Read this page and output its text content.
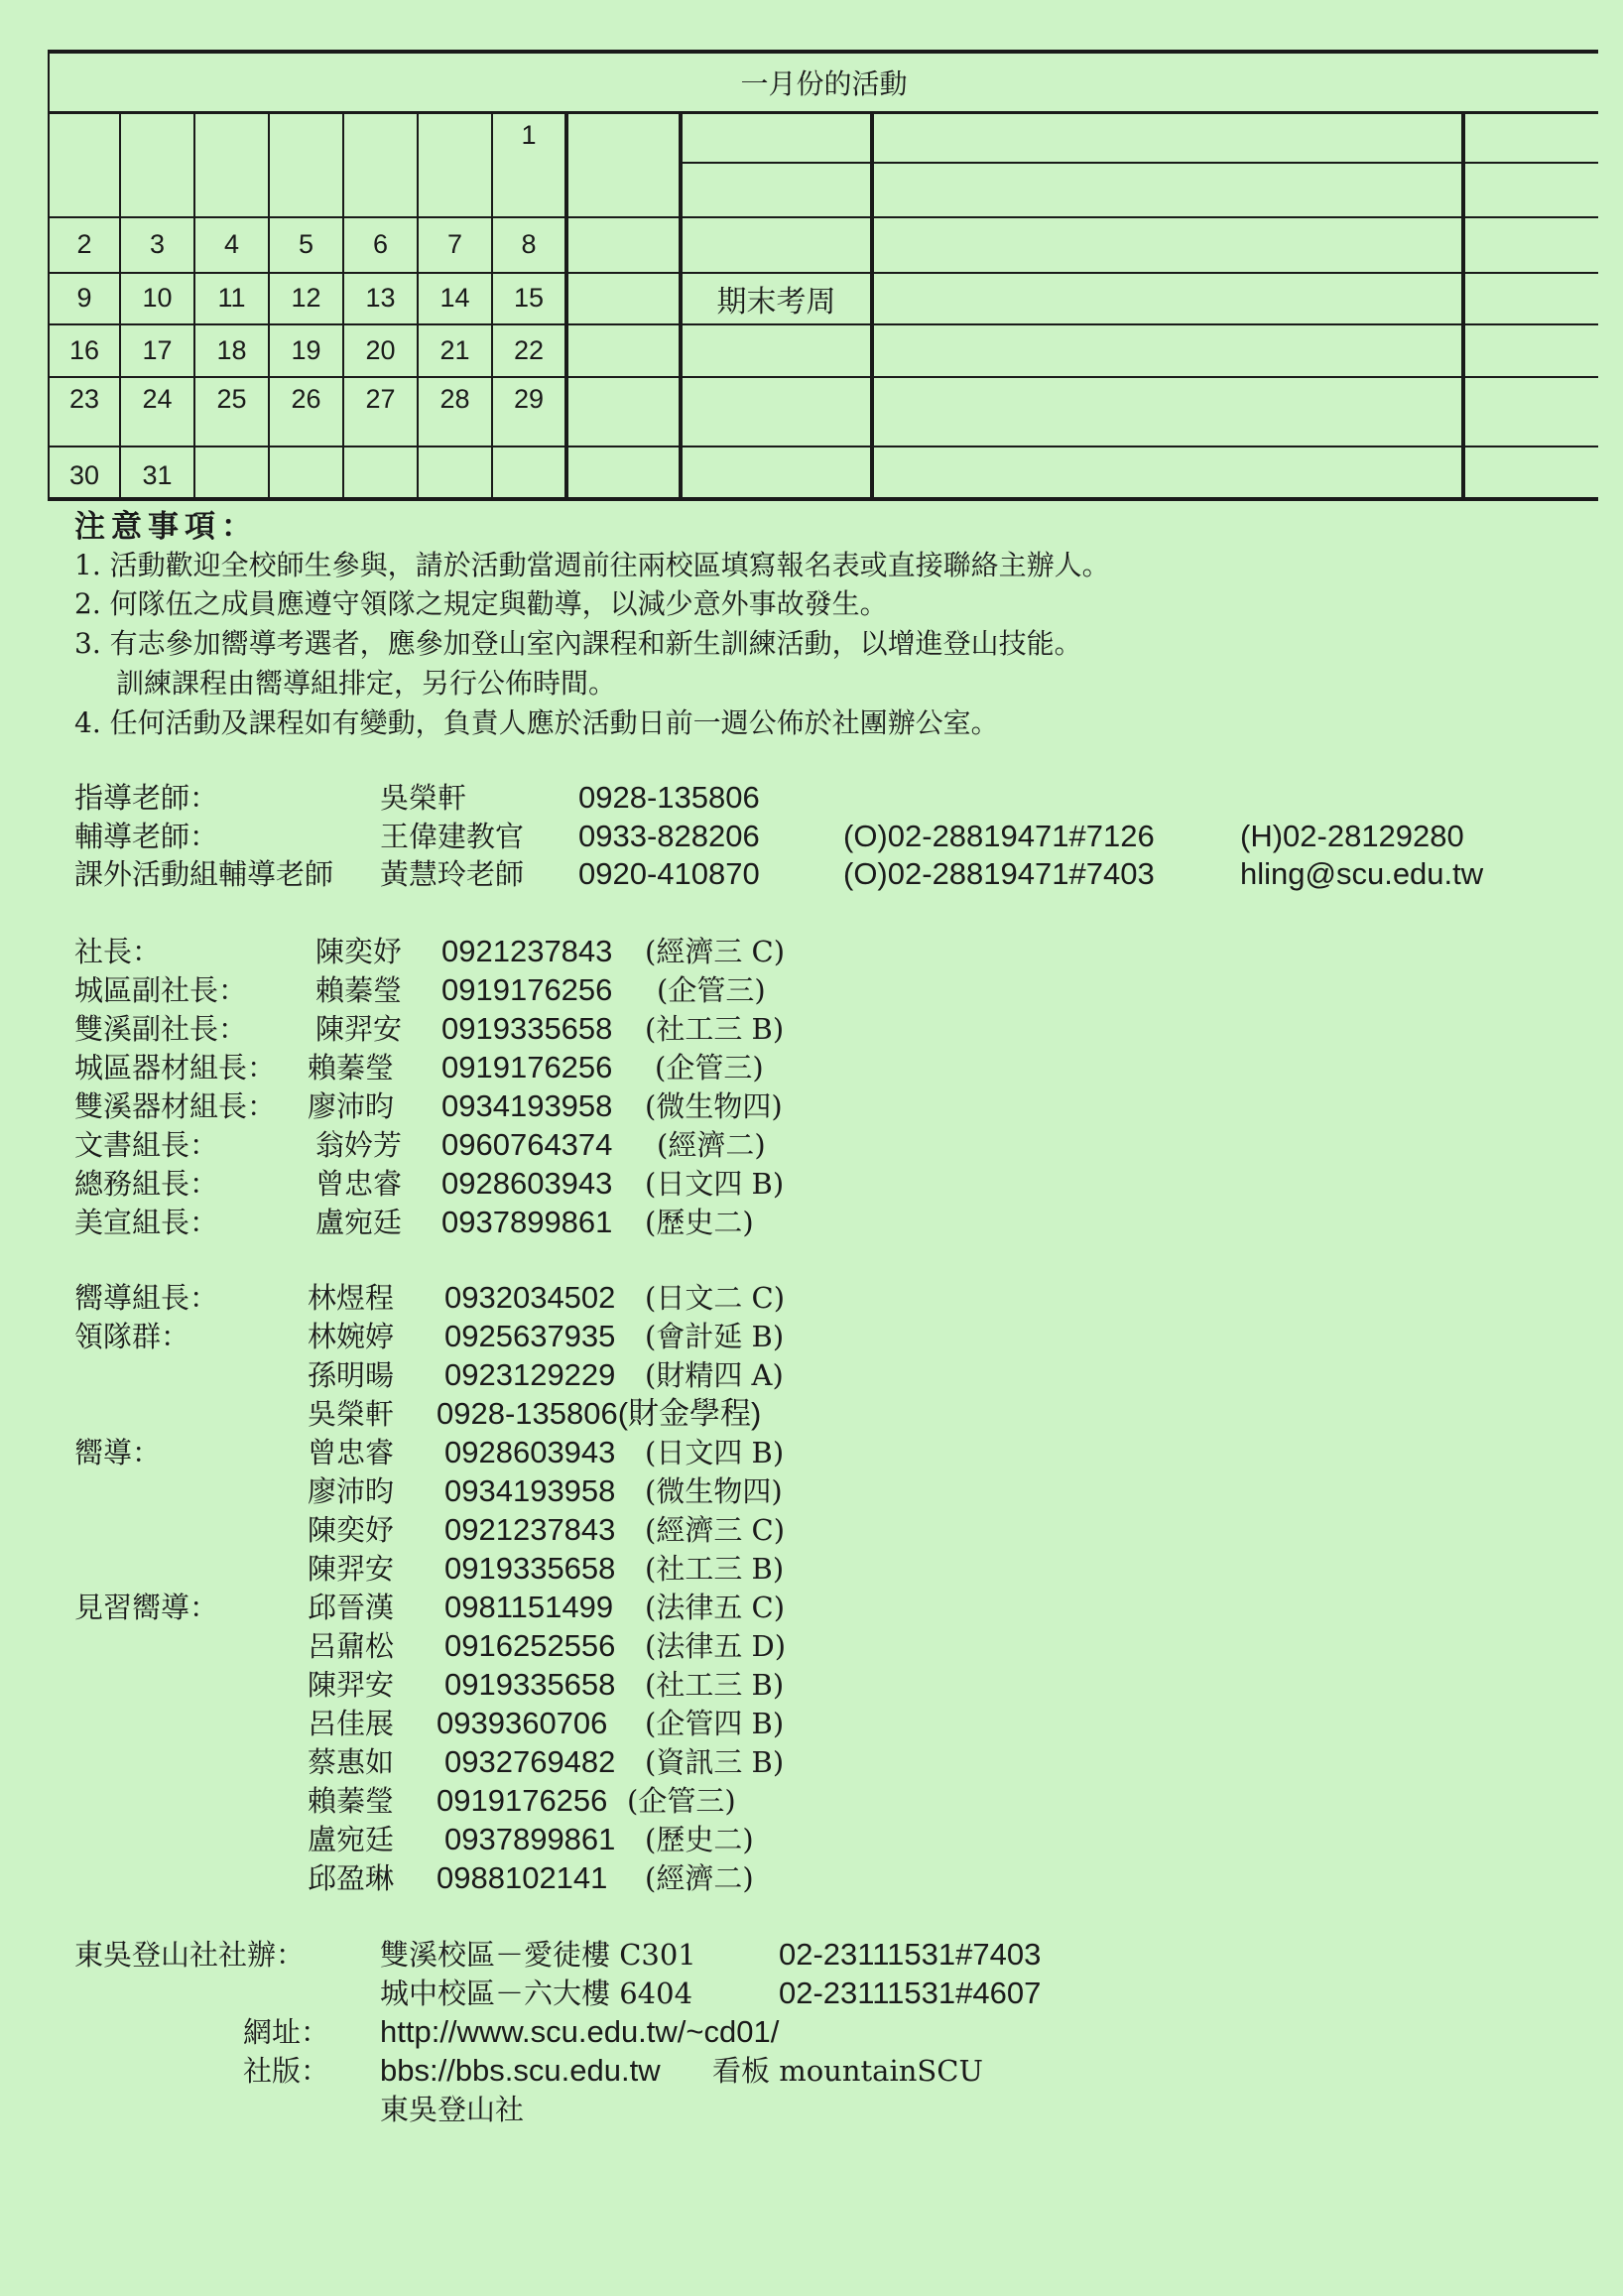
一月份的活動										
						1				

2	3	4	5	6	7	8				
9	10	11	12	13	14	15		期末考周		
16	17	18	19	20	21	22				
23	24	25	26	27	28	29				
30	31									
注意事項：
1. 活動歡迎全校師生參與，請於活動當週前往兩校區填寫報名表或直接聯絡主辦人。
2. 何隊伍之成員應遵守領隊之規定與勸導，以減少意外事故發生。
3. 有志參加嚮導考選者，應參加登山室內課程和新生訓練活動，以增進登山技能。
訓練課程由嚮導組排定，另行公佈時間。
4. 任何活動及課程如有變動，負責人應於活動日前一週公佈於社團辦公室。
指導老師：	吳榮軒	0928-135806
輔導老師：	王偉建教官 0933-828206	(O)02-28819471#7126	(H)02-28129280
課外活動組輔導老師 黃慧玲老師 0920-410870	(O)02-28819471#7403	hling@scu.edu.tw
社長：	陳奕妤 0921237843 (經濟三 C)
城區副社長： 賴蓁瑩 0919176256 (企管三)
雙溪副社長： 陳羿安 0919335658 (社工三 B)
城區器材組長： 賴蓁瑩 0919176256 (企管三)
雙溪器材組長： 廖沛昀 0934193958 (微生物四)
文書組長：	翁妗芳 0960764374 (經濟二)
總務組長：	曾忠睿 0928603943 (日文四 B)
美宣組長：	盧宛廷 0937899861 (歷史二)
嚮導組長：	林煜程 0932034502 (日文二 C)
領隊群：	林婉婷 0925637935 (會計延 B)
孫明暘 0923129229 (財精四 A)
吳榮軒 0928-135806(財金學程)
嚮導：	曾忠睿 0928603943 (日文四 B)
廖沛昀 0934193958 (微生物四)
陳奕妤 0921237843 (經濟三 C)
陳羿安 0919335658 (社工三 B)
見習嚮導：	邱晉漢 0981151499 (法律五 C)
呂鼐松 0916252556 (法律五 D)
陳羿安 0919335658 (社工三 B)
呂佳展 0939360706 (企管四 B)
蔡惠如 0932769482 (資訊三 B)
賴蓁瑩 0919176256 (企管三)
盧宛廷 0937899861 (歷史二)
邱盈琳 0988102141 (經濟二)
東吳登山社社辦：	雙溪校區－愛徒樓 C301	02-23111531#7403
城中校區－六大樓 6404	02-23111531#4607
網址： http://www.scu.edu.tw/~cd01/
社版： bbs://bbs.scu.edu.tw 看板 mountainSCU
東吳登山社
